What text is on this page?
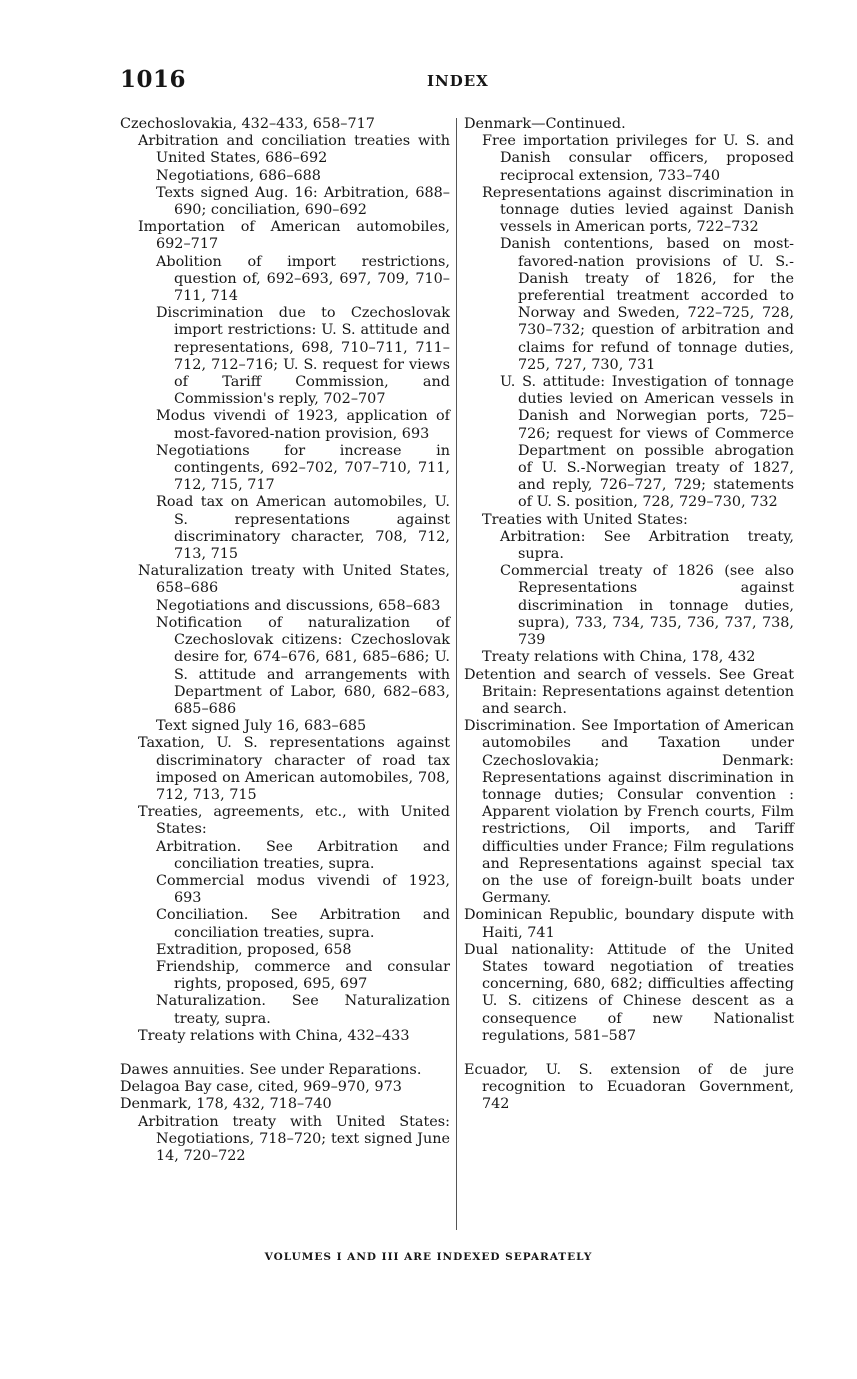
1016	INDEX

Czechoslovakia, 432–433, 658–717

Arbitration and conciliation treaties with United States, 686–692

Negotiations, 686–688

Texts signed Aug. 16: Arbitration, 688–690; conciliation, 690–692

Importation of American automobiles, 692–717

Abolition of import restrictions, question of, 692–693, 697, 709, 710–711, 714

Discrimination due to Czechoslovak import restrictions: U. S. attitude and representations, 698, 710–711, 711–712, 712–716; U. S. request for views of Tariff Commission, and Commission's reply, 702–707

Modus vivendi of 1923, application of most-favored-nation provision, 693

Negotiations for increase in contingents, 692–702, 707–710, 711, 712, 715, 717

Road tax on American automobiles, U. S. representations against discriminatory character, 708, 712, 713, 715

Naturalization treaty with United States, 658–686

Negotiations and discussions, 658–683

Notification of naturalization of Czechoslovak citizens: Czechoslovak desire for, 674–676, 681, 685–686; U. S. attitude and arrangements with Department of Labor, 680, 682–683, 685–686

Text signed July 16, 683–685

Taxation, U. S. representations against discriminatory character of road tax imposed on American automobiles, 708, 712, 713, 715

Treaties, agreements, etc., with United States:

Arbitration. See Arbitration and conciliation treaties, supra.

Commercial modus vivendi of 1923, 693

Conciliation. See Arbitration and conciliation treaties, supra.

Extradition, proposed, 658

Friendship, commerce and consular rights, proposed, 695, 697

Naturalization. See Naturalization treaty, supra.

Treaty relations with China, 432–433

Dawes annuities. See under Reparations.

Delagoa Bay case, cited, 969–970, 973

Denmark, 178, 432, 718–740

Arbitration treaty with United States: Negotiations, 718–720; text signed June 14, 720–722

Denmark—Continued.

Free importation privileges for U. S. and Danish consular officers, proposed reciprocal extension, 733–740

Representations against discrimination in tonnage duties levied against Danish vessels in American ports, 722–732

Danish contentions, based on most-favored-nation provisions of U. S.-Danish treaty of 1826, for the preferential treatment accorded to Norway and Sweden, 722–725, 728, 730–732; question of arbitration and claims for refund of tonnage duties, 725, 727, 730, 731

U. S. attitude: Investigation of tonnage duties levied on American vessels in Danish and Norwegian ports, 725–726; request for views of Commerce Department on possible abrogation of U. S.-Norwegian treaty of 1827, and reply, 726–727, 729; statements of U. S. position, 728, 729–730, 732

Treaties with United States:

Arbitration: See Arbitration treaty, supra.

Commercial treaty of 1826 (see also Representations against discrimination in tonnage duties, supra), 733, 734, 735, 736, 737, 738, 739

Treaty relations with China, 178, 432

Detention and search of vessels. See Great Britain: Representations against detention and search.

Discrimination. See Importation of American automobiles and Taxation under Czechoslovakia; Denmark: Representations against discrimination in tonnage duties; Consular convention : Apparent violation by French courts, Film restrictions, Oil imports, and Tariff difficulties under France; Film regulations and Representations against special tax on the use of foreign-built boats under Germany.

Dominican Republic, boundary dispute with Haiti, 741

Dual nationality: Attitude of the United States toward negotiation of treaties concerning, 680, 682; difficulties affecting U. S. citizens of Chinese descent as a consequence of new Nationalist regulations, 581–587

Ecuador, U. S. extension of de jure recognition to Ecuadoran Government, 742

VOLUMES I AND III ARE INDEXED SEPARATELY
